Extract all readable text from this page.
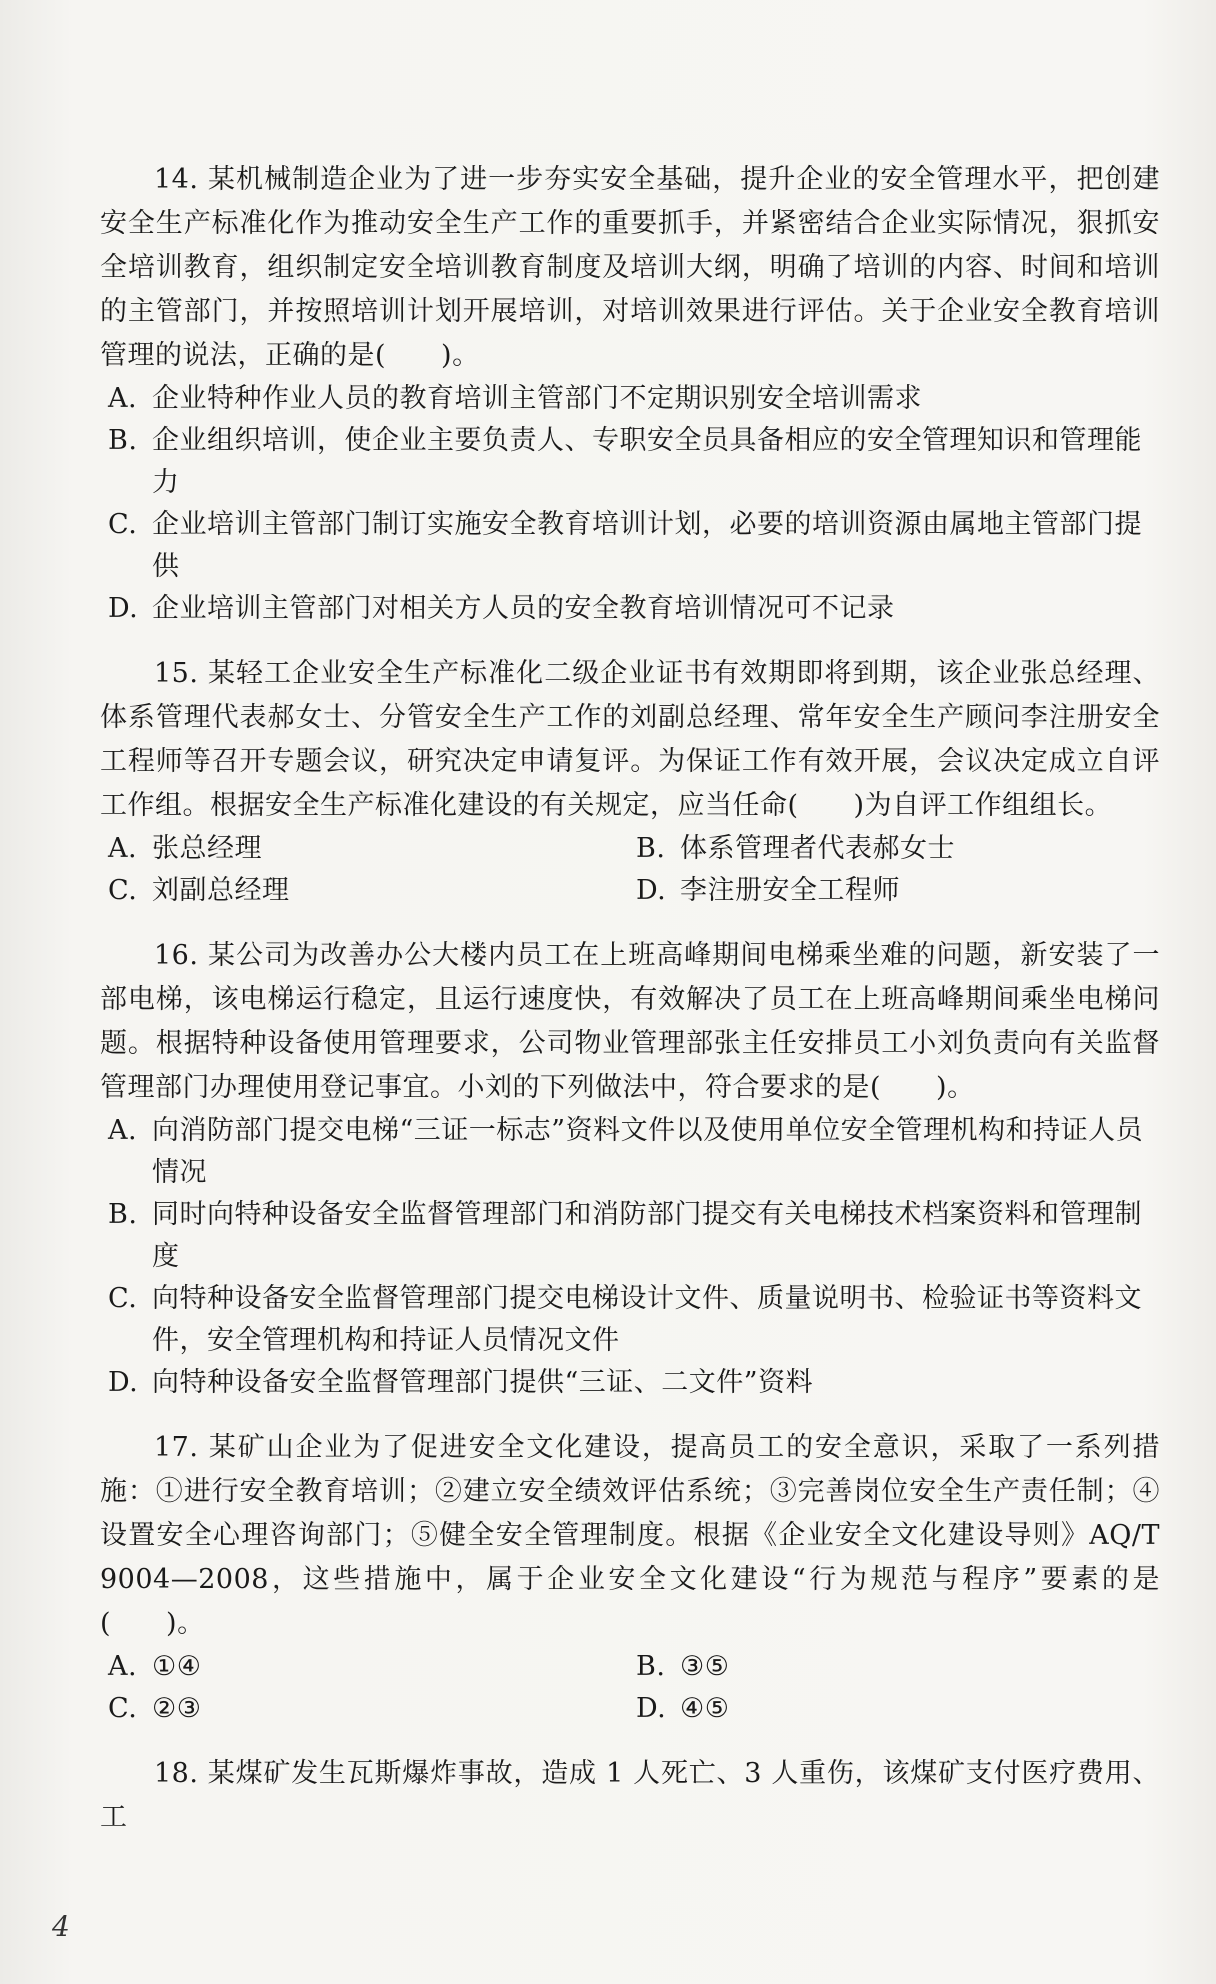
14. 某机械制造企业为了进一步夯实安全基础，提升企业的安全管理水平，把创建安全生产标准化作为推动安全生产工作的重要抓手，并紧密结合企业实际情况，狠抓安全培训教育，组织制定安全培训教育制度及培训大纲，明确了培训的内容、时间和培训的主管部门，并按照培训计划开展培训，对培训效果进行评估。关于企业安全教育培训管理的说法，正确的是(　　)。

A. 企业特种作业人员的教育培训主管部门不定期识别安全培训需求
B. 企业组织培训，使企业主要负责人、专职安全员具备相应的安全管理知识和管理能力
C. 企业培训主管部门制订实施安全教育培训计划，必要的培训资源由属地主管部门提供
D. 企业培训主管部门对相关方人员的安全教育培训情况可不记录

15. 某轻工企业安全生产标准化二级企业证书有效期即将到期，该企业张总经理、体系管理代表郝女士、分管安全生产工作的刘副总经理、常年安全生产顾问李注册安全工程师等召开专题会议，研究决定申请复评。为保证工作有效开展，会议决定成立自评工作组。根据安全生产标准化建设的有关规定，应当任命(　　)为自评工作组组长。

A. 张总经理	B. 体系管理者代表郝女士
C. 刘副总经理	D. 李注册安全工程师

16. 某公司为改善办公大楼内员工在上班高峰期间电梯乘坐难的问题，新安装了一部电梯，该电梯运行稳定，且运行速度快，有效解决了员工在上班高峰期间乘坐电梯问题。根据特种设备使用管理要求，公司物业管理部张主任安排员工小刘负责向有关监督管理部门办理使用登记事宜。小刘的下列做法中，符合要求的是(　　)。

A. 向消防部门提交电梯“三证一标志”资料文件以及使用单位安全管理机构和持证人员情况
B. 同时向特种设备安全监督管理部门和消防部门提交有关电梯技术档案资料和管理制度
C. 向特种设备安全监督管理部门提交电梯设计文件、质量说明书、检验证书等资料文件，安全管理机构和持证人员情况文件
D. 向特种设备安全监督管理部门提供“三证、二文件”资料

17. 某矿山企业为了促进安全文化建设，提高员工的安全意识，采取了一系列措施：①进行安全教育培训；②建立安全绩效评估系统；③完善岗位安全生产责任制；④设置安全心理咨询部门；⑤健全安全管理制度。根据《企业安全文化建设导则》AQ/T 9004—2008，这些措施中，属于企业安全文化建设“行为规范与程序”要素的是(　　)。

A. ①④	B. ③⑤
C. ②③	D. ④⑤

18. 某煤矿发生瓦斯爆炸事故，造成 1 人死亡、3 人重伤，该煤矿支付医疗费用、工

4
